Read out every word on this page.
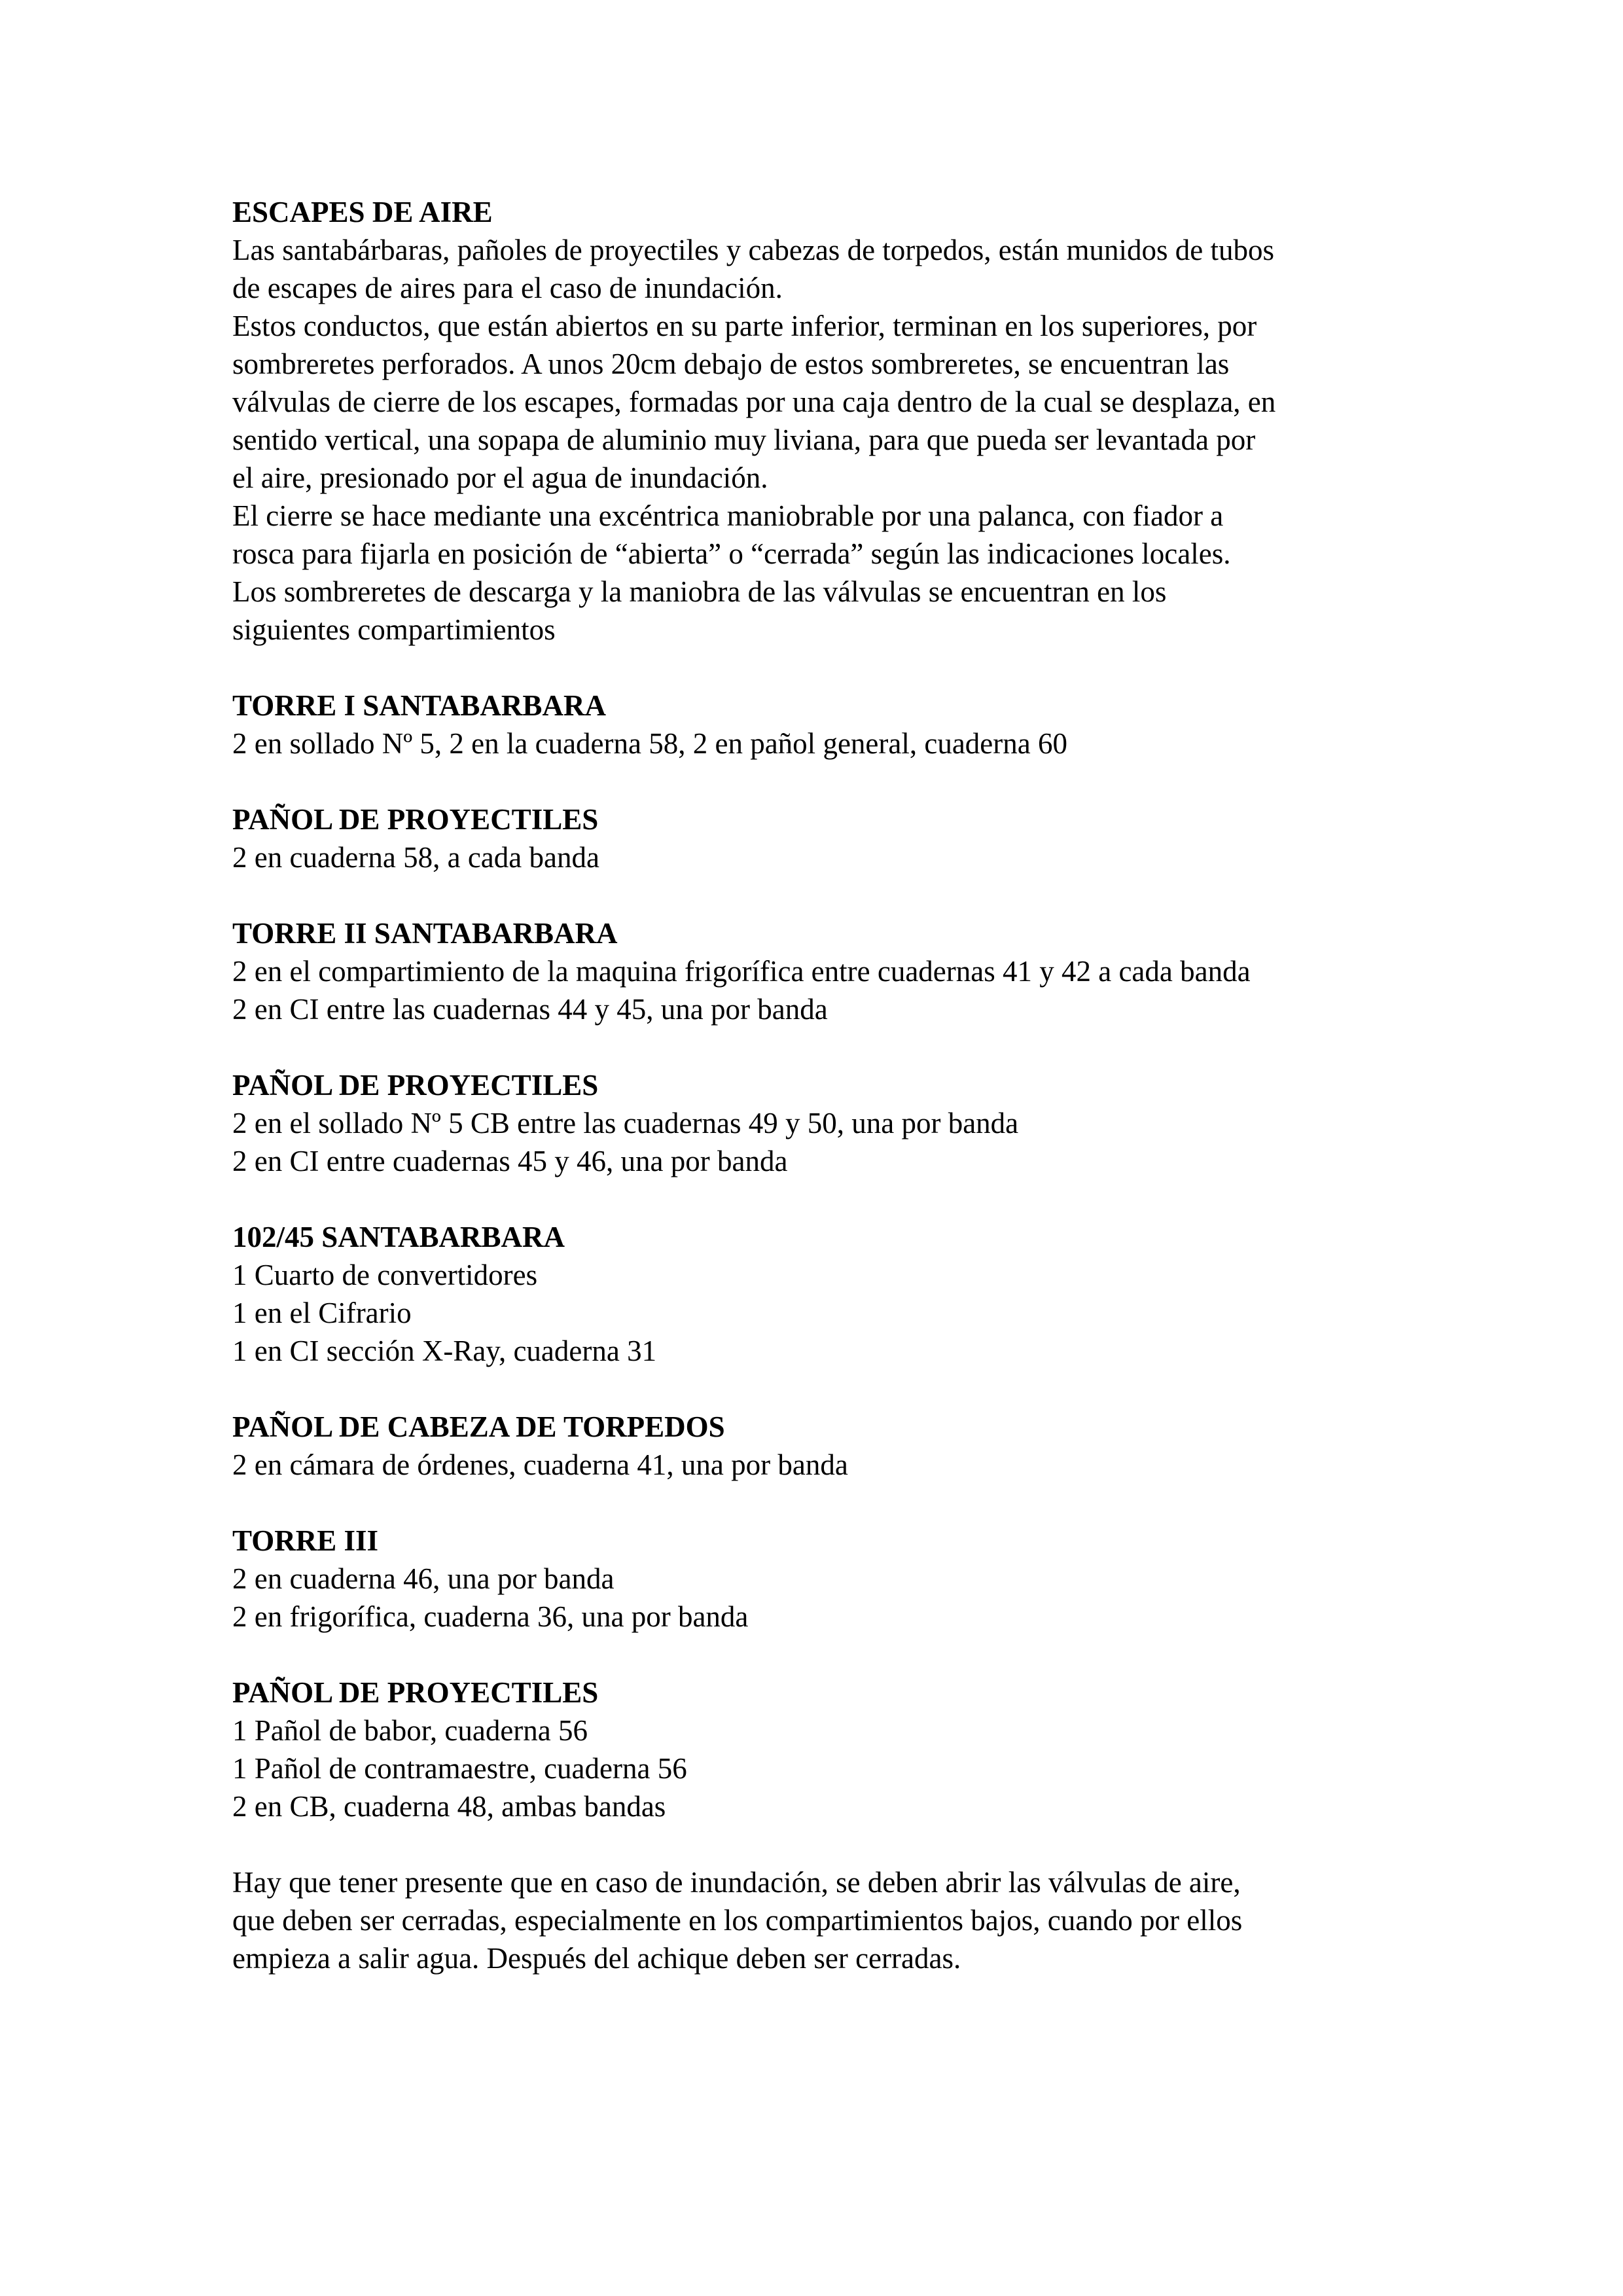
ESCAPES DE AIRE

Las santabárbaras, pañoles de proyectiles y cabezas de torpedos, están munidos de tubos

de escapes de aires para el caso de inundación.

Estos conductos, que están abiertos en su parte inferior, terminan en los superiores, por

sombreretes perforados. A unos 20cm debajo de estos sombreretes, se encuentran las

válvulas de cierre de los escapes, formadas por una caja dentro de la cual se desplaza, en

sentido vertical, una sopapa de aluminio muy liviana, para que pueda ser levantada por

el aire, presionado por el agua de inundación.

El cierre se hace mediante una excéntrica maniobrable por una palanca, con fiador a

rosca para fijarla en posición de “abierta” o “cerrada” según las indicaciones locales.

Los sombreretes de descarga y la maniobra de las válvulas se encuentran en los

siguientes compartimientos

TORRE I SANTABARBARA

2 en sollado Nº 5, 2 en la cuaderna 58, 2 en pañol general, cuaderna 60

PAÑOL DE PROYECTILES

2 en cuaderna 58, a cada banda

TORRE II SANTABARBARA

2 en el compartimiento de la maquina frigorífica entre cuadernas 41 y 42 a cada banda

2 en CI entre las cuadernas 44 y 45, una por banda

PAÑOL DE PROYECTILES

2 en el sollado Nº 5 CB entre las cuadernas 49 y 50, una por banda

2 en CI entre cuadernas 45 y 46, una por banda

102/45 SANTABARBARA

1 Cuarto de convertidores

1 en el Cifrario

1 en CI sección X-Ray, cuaderna 31

PAÑOL DE CABEZA DE TORPEDOS

2 en cámara de órdenes, cuaderna 41, una por banda

TORRE III

2 en cuaderna 46, una por banda

2 en frigorífica, cuaderna 36, una por banda

PAÑOL DE PROYECTILES

1 Pañol de babor, cuaderna 56

1 Pañol de contramaestre, cuaderna 56

2 en CB, cuaderna 48, ambas bandas

Hay que tener presente que en caso de inundación, se deben abrir las válvulas de aire,

que deben ser cerradas, especialmente en los compartimientos bajos, cuando por ellos

empieza a salir agua. Después del achique deben ser cerradas.
